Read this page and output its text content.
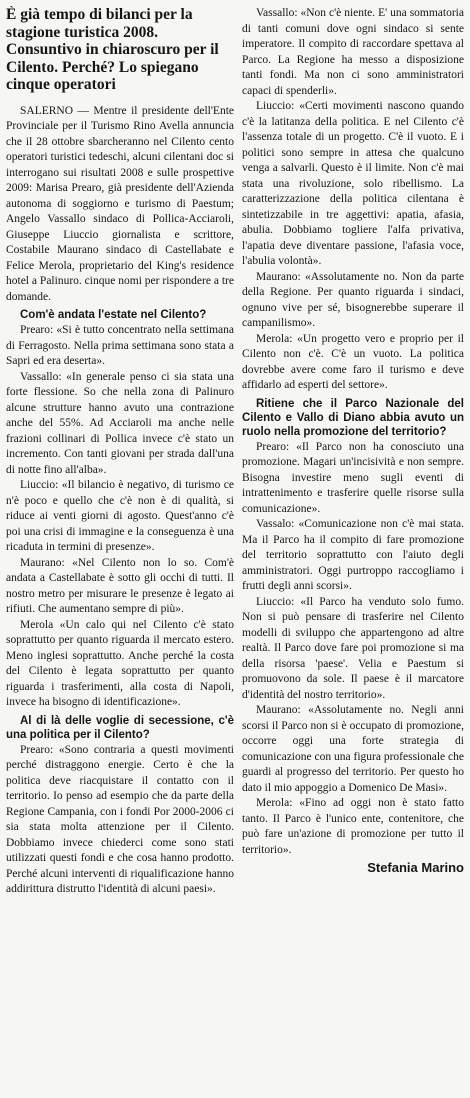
È già tempo di bilanci per la stagione turistica 2008. Consuntivo in chiaroscuro per il Cilento. Perché? Lo spiegano cinque operatori

SALERNO — Mentre il presidente dell'Ente Provinciale per il Turismo Rino Avella annuncia che il 28 ottobre sbarcheranno nel Cilento cento operatori turistici tedeschi, alcuni cilentani doc si interrogano sui risultati 2008 e sulle prospettive 2009: Marisa Prearo, già presidente dell'Azienda autonoma di soggiorno e turismo di Paestum; Angelo Vassallo sindaco di Pollica-Acciaroli, Giuseppe Liuccio giornalista e scrittore, Costabile Maurano sindaco di Castellabate e Felice Merola, proprietario del King's residence hotel a Palinuro. cinque nomi per rispondere a tre domande.

Com'è andata l'estate nel Cilento?

Prearo: «Si è tutto concentrato nella settimana di Ferragosto. Nella prima settimana sono stata a Sapri ed era deserta».

Vassallo: «In generale penso ci sia stata una forte flessione. So che nella zona di Palinuro alcune strutture hanno avuto una contrazione anche del 55%. Ad Acciaroli ma anche nelle frazioni collinari di Pollica invece c'è stato un incremento. Con tanti giovani per strada dall'una di notte fino all'alba».

Liuccio: «Il bilancio è negativo, di turismo ce n'è poco e quello che c'è non è di qualità, si riduce ai venti giorni di agosto. Quest'anno c'è poi una crisi di immagine e la conseguenza è una ricaduta in termini di presenze».

Maurano: «Nel Cilento non lo so. Com'è andata a Castellabate è sotto gli occhi di tutti. Il nostro metro per misurare le presenze è legato ai rifiuti. Che aumentano sempre di più».

Merola «Un calo qui nel Cilento c'è stato soprattutto per quanto riguarda il mercato estero. Meno inglesi soprattutto. Anche perché la costa del Cilento è legata soprattutto per quanto riguarda i trasferimenti, alla costa di Napoli, invece ha bisogno di identificazione».

Al di là delle voglie di secessione, c'è una politica per il Cilento?

Prearo: «Sono contraria a questi movimenti perché distraggono energie. Certo è che la politica deve riacquistare il contatto con il territorio. Io penso ad esempio che da parte della Regione Campania, con i fondi Por 2000-2006 ci sia stata molta attenzione per il Cilento. Dobbiamo invece chiederci come sono stati utilizzati questi fondi e che cosa hanno prodotto. Perché alcuni interventi di riqualificazione hanno addirittura distrutto l'identità di alcuni paesi».

Vassallo: «Non c'è niente. E' una sommatoria di tanti comuni dove ogni sindaco si sente imperatore. Il compito di raccordare spettava al Parco. La Regione ha messo a disposizione tanti fondi. Ma non ci sono amministratori capaci di spenderli».

Liuccio: «Certi movimenti nascono quando c'è la latitanza della politica. E nel Cilento c'è l'assenza totale di un progetto. C'è il vuoto. E i politici sono sempre in attesa che qualcuno venga a salvarli. Questo è il limite. Non c'è mai stata una rivoluzione, solo ribellismo. La caratterizzazione della politica cilentana è sintetizzabile in tre aggettivi: apatia, afasia, abulia. Dobbiamo togliere l'alfa privativa, l'apatia deve diventare passione, l'afasia voce, l'abulia volontà».

Maurano: «Assolutamente no. Non da parte della Regione. Per quanto riguarda i sindaci, ognuno vive per sé, bisognerebbe superare il campanilismo».

Merola: «Un progetto vero e proprio per il Cilento non c'è. C'è un vuoto. La politica dovrebbe avere come faro il turismo e deve affidarlo ad esperti del settore».

Ritiene che il Parco Nazionale del Cilento e Vallo di Diano abbia avuto un ruolo nella promozione del territorio?

Prearo: «Il Parco non ha conosciuto una promozione. Magari un'incisività e non sempre. Bisogna investire meno sugli eventi di intrattenimento e trasferire quelle risorse sulla comunicazione».

Vassalo: «Comunicazione non c'è mai stata. Ma il Parco ha il compito di fare promozione del territorio soprattutto con l'aiuto degli amministratori. Oggi purtroppo raccogliamo i frutti degli anni scorsi».

Liuccio: «Il Parco ha venduto solo fumo. Non si può pensare di trasferire nel Cilento modelli di sviluppo che appartengono ad altre realtà. Il Parco dove fare poi promozione si ma della risorsa 'paese'. Velia e Paestum si promuovono da sole. Il paese è il marcatore d'identità del nostro territorio».

Maurano: «Assolutamente no. Negli anni scorsi il Parco non si è occupato di promozione, occorre oggi una forte strategia di comunicazione con una figura professionale che guardi al progresso del territorio. Per questo ho dato il mio appoggio a Domenico De Masi».

Merola: «Fino ad oggi non è stato fatto tanto. Il Parco è l'unico ente, contenitore, che può fare un'azione di promozione per tutto il territorio».

Stefania Marino
